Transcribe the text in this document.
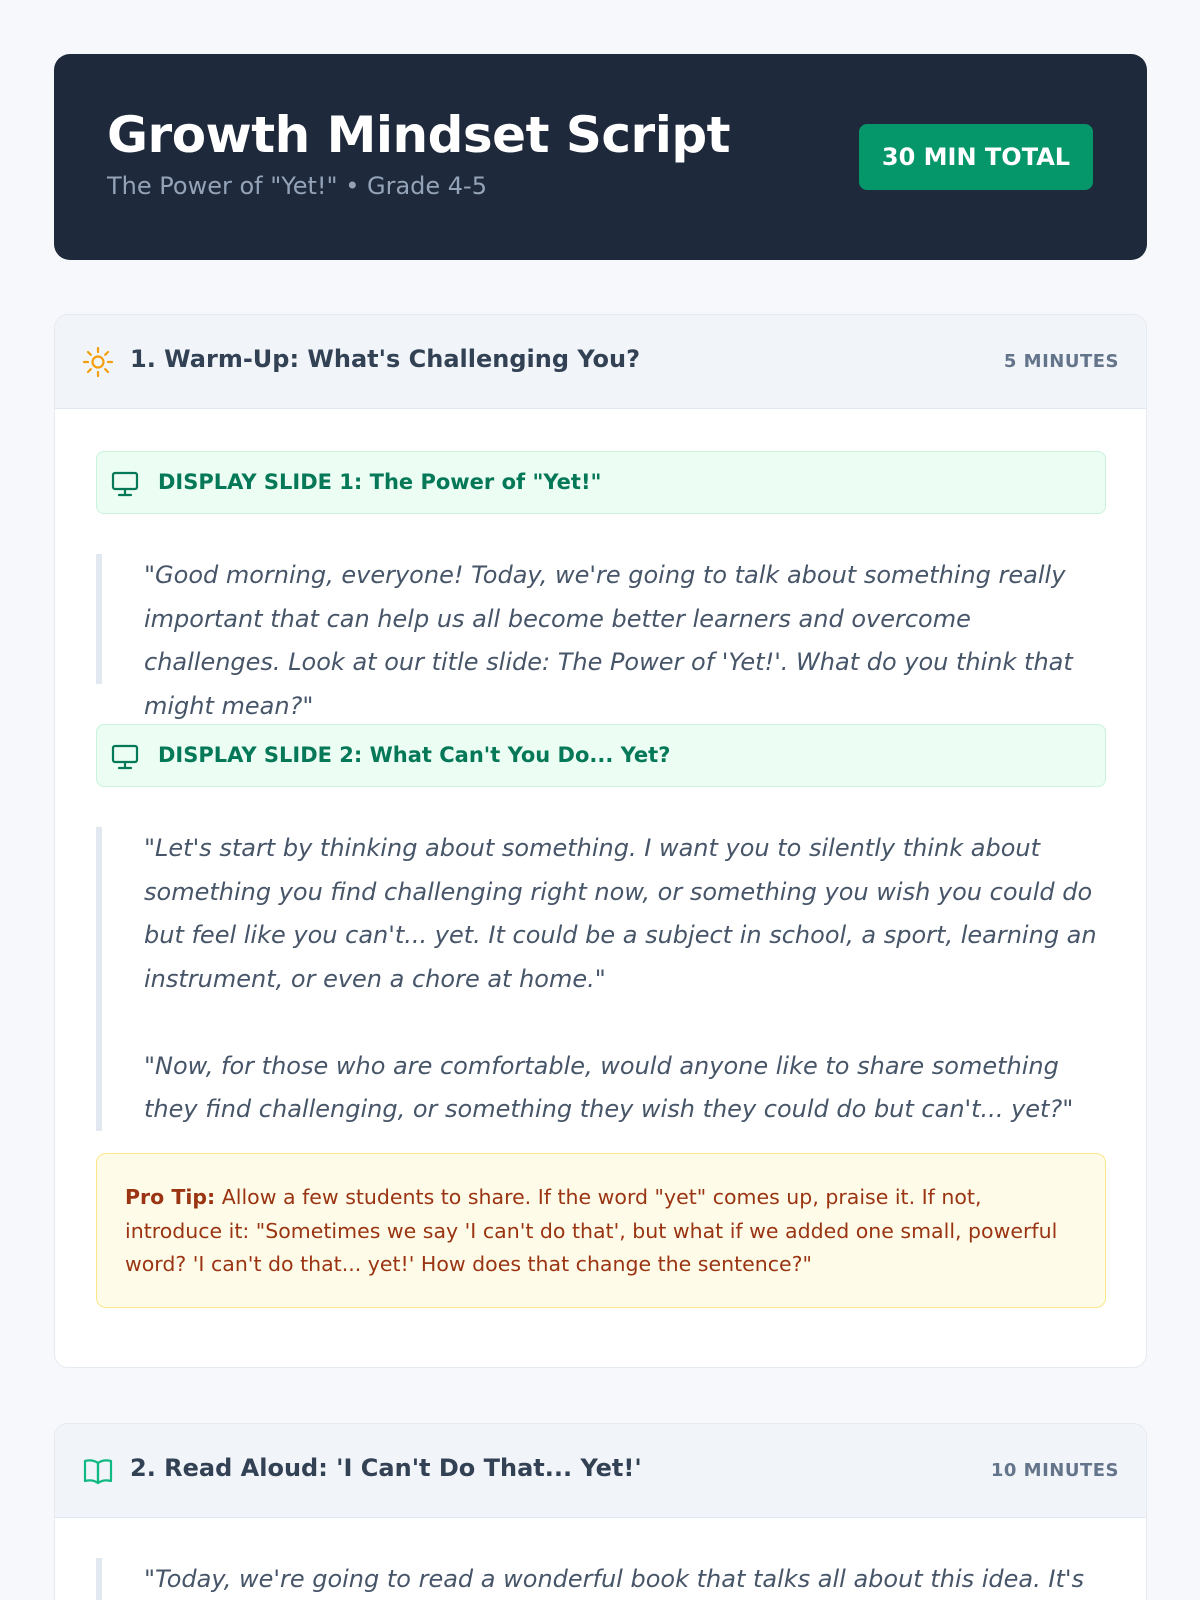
Growth Mindset Script
The Power of "Yet!" • Grade 4-5
30 MIN TOTAL
1. Warm-Up: What's Challenging You?	5 MINUTES
DISPLAY SLIDE 1: The Power of "Yet!"

"Good morning, everyone! Today, we're going to talk about something really important that can help us all become better learners and overcome challenges. Look at our title slide: The Power of 'Yet!'. What do you think that might mean?"

DISPLAY SLIDE 2: What Can't You Do... Yet?

"Let's start by thinking about something. I want you to silently think about something you find challenging right now, or something you wish you could do but feel like you can't... yet. It could be a subject in school, a sport, learning an instrument, or even a chore at home."

"Now, for those who are comfortable, would anyone like to share something they find challenging, or something they wish they could do but can't... yet?"

Pro Tip: Allow a few students to share. If the word "yet" comes up, praise it. If not, introduce it: "Sometimes we say 'I can't do that', but what if we added one small, powerful word? 'I can't do that... yet!' How does that change the sentence?"
2. Read Aloud: 'I Can't Do That... Yet!'	10 MINUTES

"Today, we're going to read a wonderful book that talks all about this idea. It's
